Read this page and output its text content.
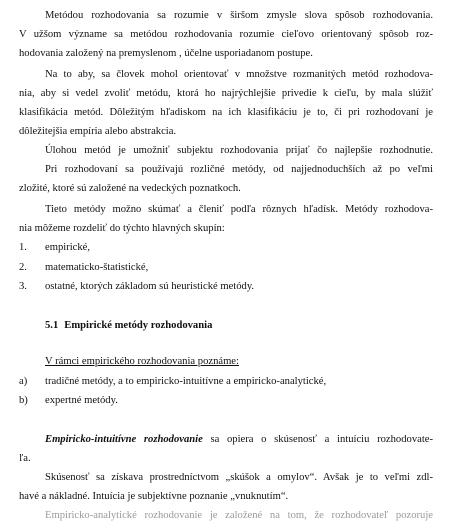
Metódou rozhodovania sa rozumie v širšom zmysle slova spôsob rozhodovania.
V užšom význame sa metódou rozhodovania rozumie cieľovo orientovaný spôsob roz-
hodovania založený na premyslenom , účelne usporiadanom postupe.
Na to aby, sa človek mohol orientovať v množstve rozmanitých metód rozhodova-
nia, aby si vedel zvoliť metódu, ktorá ho najrýchlejšie privedie k cieľu, by mala slúžiť
klasifikácia metód. Dôležitým hľadiskom na ich klasifikáciu je to, či pri rozhodovaní je
dôležitejšia empíria alebo abstrakcia.
Úlohou metód je umožniť subjektu rozhodovania prijať čo najlepšie rozhodnutie.
Pri rozhodovaní sa používajú rozličné metódy, od najjednoduchších až po veľmi
zložité, ktoré sú založené na vedeckých poznatkoch.
Tieto metódy možno skúmať a členiť podľa rôznych hľadísk. Metódy rozhodova-
nia môžeme rozdeliť do týchto hlavných skupín:
1. empirické,
2. matematicko-štatistické,
3. ostatné, ktorých základom sú heuristické metódy.
5.1 Empirické metódy rozhodovania
V rámci empirického rozhodovania poznáme:
a) tradičné metódy, a to empiricko-intuitívne a empiricko-analytické,
b) expertné metódy.
Empiricko-intuitívne rozhodovanie sa opiera o skúsenosť a intuíciu rozhodovate-
ľa.
Skúsenosť sa získava prostredníctvom „skúšok a omylov“. Avšak je to veľmi zdl-
havé a nákladné. Intuícia je subjektívne poznanie „vnuknutím“.
Empiricko-analytické rozhodovanie je založené na tom, že rozhodovateľ pozoruje
